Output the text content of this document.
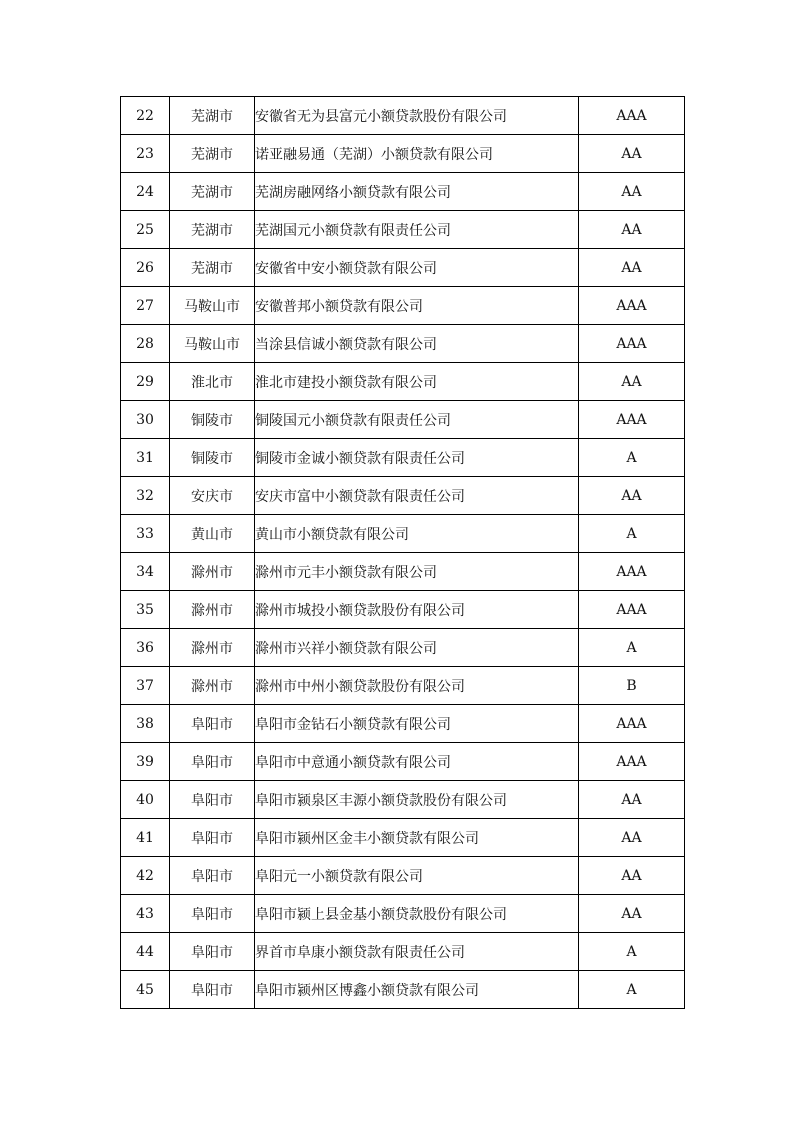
22	芜湖市	安徽省无为县富元小额贷款股份有限公司	AAA
23	芜湖市	诺亚融易通（芜湖）小额贷款有限公司	AA
24	芜湖市	芜湖房融网络小额贷款有限公司	AA
25	芜湖市	芜湖国元小额贷款有限责任公司	AA
26	芜湖市	安徽省中安小额贷款有限公司	AA
27	马鞍山市	安徽普邦小额贷款有限公司	AAA
28	马鞍山市	当涂县信诚小额贷款有限公司	AAA
29	淮北市	淮北市建投小额贷款有限公司	AA
30	铜陵市	铜陵国元小额贷款有限责任公司	AAA
31	铜陵市	铜陵市金诚小额贷款有限责任公司	A
32	安庆市	安庆市富中小额贷款有限责任公司	AA
33	黄山市	黄山市小额贷款有限公司	A
34	滁州市	滁州市元丰小额贷款有限公司	AAA
35	滁州市	滁州市城投小额贷款股份有限公司	AAA
36	滁州市	滁州市兴祥小额贷款有限公司	A
37	滁州市	滁州市中州小额贷款股份有限公司	B
38	阜阳市	阜阳市金钻石小额贷款有限公司	AAA
39	阜阳市	阜阳市中意通小额贷款有限公司	AAA
40	阜阳市	阜阳市颍泉区丰源小额贷款股份有限公司	AA
41	阜阳市	阜阳市颍州区金丰小额贷款有限公司	AA
42	阜阳市	阜阳元一小额贷款有限公司	AA
43	阜阳市	阜阳市颍上县金基小额贷款股份有限公司	AA
44	阜阳市	界首市阜康小额贷款有限责任公司	A
45	阜阳市	阜阳市颍州区博鑫小额贷款有限公司	A
